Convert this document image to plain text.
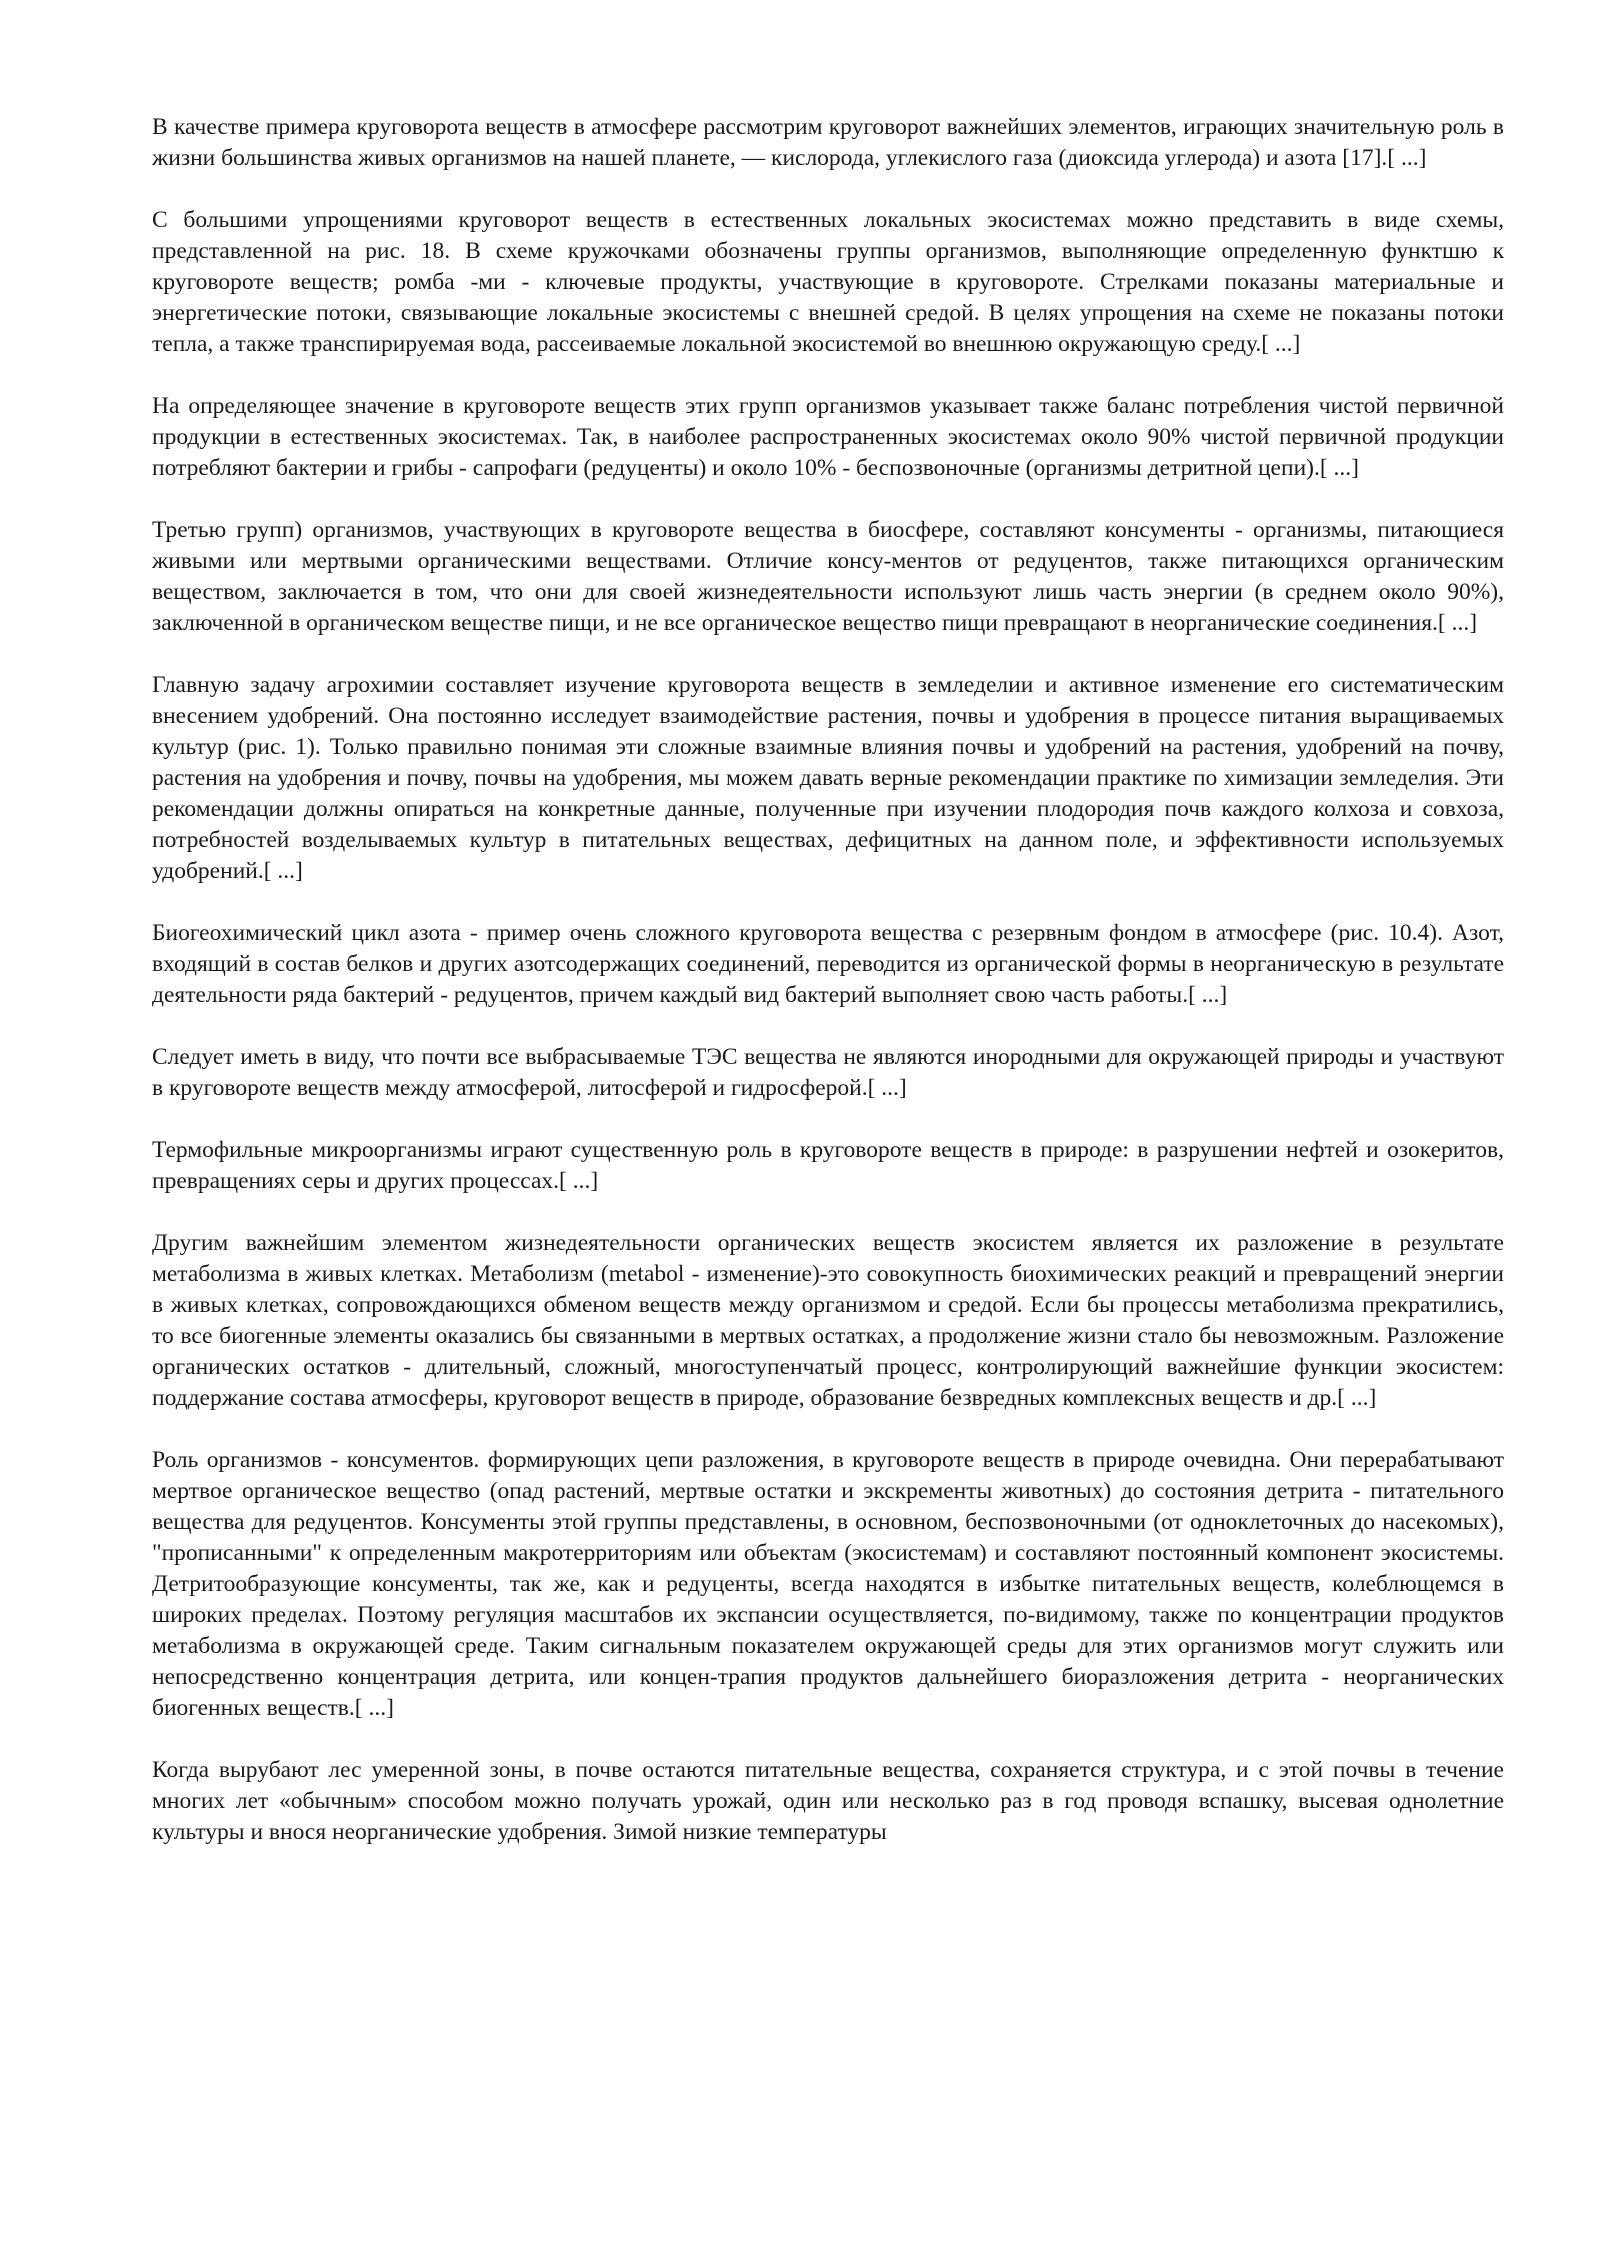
В качестве примера круговорота веществ в атмосфере рассмотрим круговорот важнейших элементов, играющих значительную роль в жизни большинства живых организмов на нашей планете, — кислорода, углекислого газа (диоксида углерода) и азота [17].[ ...]

С большими упрощениями круговорот веществ в естественных локальных экосистемах можно представить в виде схемы, представленной на рис. 18. В схеме кружочками обозначены группы организмов, выполняющие определенную функтшю к круговороте веществ; ромба -ми - ключевые продукты, участвующие в круговороте. Стрелками показаны материальные и энергетические потоки, связывающие локальные экосистемы с внешней средой. В целях упрощения на схеме не показаны потоки тепла, а также транспирируемая вода, рассеиваемые локальной экосистемой во внешнюю окружающую среду.[ ...]

На определяющее значение в круговороте веществ этих групп организмов указывает также баланс потребления чистой первичной продукции в естественных экосистемах. Так, в наиболее распространенных экосистемах около 90% чистой первичной продукции потребляют бактерии и грибы - сапрофаги (редуценты) и около 10% - беспозвоночные (организмы детритной цепи).[ ...]

Третью групп) организмов, участвующих в круговороте вещества в биосфере, составляют консументы - организмы, питающиеся живыми или мертвыми органическими веществами. Отличие консу-ментов от редуцентов, также питающихся органическим веществом, заключается в том, что они для своей жизнедеятельности используют лишь часть энергии (в среднем около 90%), заключенной в органическом веществе пищи, и не все органическое вещество пищи превращают в неорганические соединения.[ ...]

Главную задачу агрохимии составляет изучение круговорота веществ в земледелии и активное изменение его систематическим внесением удобрений. Она постоянно исследует взаимодействие растения, почвы и удобрения в процессе питания выращиваемых культур (рис. 1). Только правильно понимая эти сложные взаимные влияния почвы и удобрений на растения, удобрений на почву, растения на удобрения и почву, почвы на удобрения, мы можем давать верные рекомендации практике по химизации земледелия. Эти рекомендации должны опираться на конкретные данные, полученные при изучении плодородия почв каждого колхоза и совхоза, потребностей возделываемых культур в питательных веществах, дефицитных на данном поле, и эффективности используемых удобрений.[ ...]

Биогеохимический цикл азота - пример очень сложного круговорота вещества с резервным фондом в атмосфере (рис. 10.4). Азот, входящий в состав белков и других азотсодержащих соединений, переводится из органической формы в неорганическую в результате деятельности ряда бактерий - редуцентов, причем каждый вид бактерий выполняет свою часть работы.[ ...]

Следует иметь в виду, что почти все выбрасываемые ТЭС вещества не являются инородными для окружающей природы и участвуют в круговороте веществ между атмосферой, литосферой и гидросферой.[ ...]

Термофильные микроорганизмы играют существенную роль в круговороте веществ в природе: в разрушении нефтей и озокеритов, превращениях серы и других процессах.[ ...]

Другим важнейшим элементом жизнедеятельности органических веществ экосистем является их разложение в результате метаболизма в живых клетках. Метаболизм (metabol - изменение)-это совокупность биохимических реакций и превращений энергии в живых клетках, сопровождающихся обменом веществ между организмом и средой. Если бы процессы метаболизма прекратились, то все биогенные элементы оказались бы связанными в мертвых остатках, а продолжение жизни стало бы невозможным. Разложение органических остатков - длительный, сложный, многоступенчатый процесс, контролирующий важнейшие функции экосистем: поддержание состава атмосферы, круговорот веществ в природе, образование безвредных комплексных веществ и др.[ ...]

Роль организмов - консументов. формирующих цепи разложения, в круговороте веществ в природе очевидна. Они перерабатывают мертвое органическое вещество (опад растений, мертвые остатки и экскременты животных) до состояния детрита - питательного вещества для редуцентов. Консументы этой группы представлены, в основном, беспозвоночными (от одноклеточных до насекомых), "прописанными" к определенным макротерриториям или объектам (экосистемам) и составляют постоянный компонент экосистемы. Детритообразующие консументы, так же, как и редуценты, всегда находятся в избытке питательных веществ, колеблющемся в широких пределах. Поэтому регуляция масштабов их экспансии осуществляется, по-видимому, также по концентрации продуктов метаболизма в окружающей среде. Таким сигнальным показателем окружающей среды для этих организмов могут служить или непосредственно концентрация детрита, или концен-трапия продуктов дальнейшего биоразложения детрита - неорганических биогенных веществ.[ ...]

Когда вырубают лес умеренной зоны, в почве остаются питательные вещества, сохраняется структура, и с этой почвы в течение многих лет «обычным» способом можно получать урожай, один или несколько раз в год проводя вспашку, высевая однолетние культуры и внося неорганические удобрения. Зимой низкие температуры
